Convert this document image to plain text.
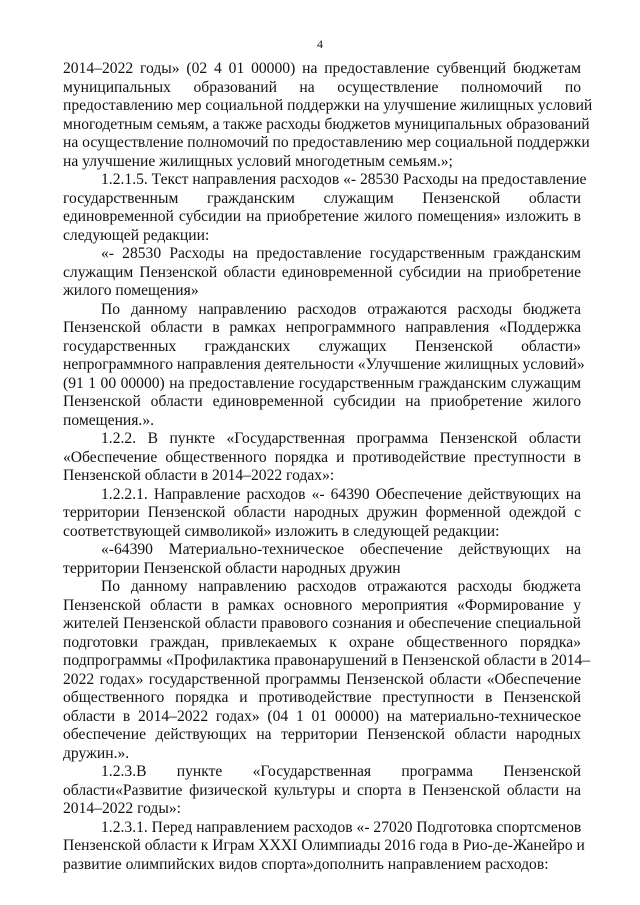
4
2014–2022 годы» (02 4 01 00000) на предоставление субвенций бюджетам
муниципальных образований на осуществление полномочий по
предоставлению мер социальной поддержки на улучшение жилищных условий
многодетным семьям, а также расходы бюджетов муниципальных образований
на осуществление полномочий по предоставлению мер социальной поддержки
на улучшение жилищных условий многодетным семьям.»;
1.2.1.5. Текст направления расходов «- 28530 Расходы на предоставление
государственным гражданским служащим Пензенской области
единовременной субсидии на приобретение жилого помещения» изложить в
следующей редакции:
«- 28530 Расходы на предоставление государственным гражданским
служащим Пензенской области единовременной субсидии на приобретение
жилого помещения»
По данному направлению расходов отражаются расходы бюджета
Пензенской области в рамках непрограммного направления «Поддержка
государственных гражданских служащих Пензенской области»
непрограммного направления деятельности «Улучшение жилищных условий»
(91 1 00 00000) на предоставление государственным гражданским служащим
Пензенской области единовременной субсидии на приобретение жилого
помещения.».
1.2.2. В пункте «Государственная программа Пензенской области
«Обеспечение общественного порядка и противодействие преступности в
Пензенской области в 2014–2022 годах»:
1.2.2.1. Направление расходов «- 64390 Обеспечение действующих на
территории Пензенской области народных дружин форменной одеждой с
соответствующей символикой» изложить в следующей редакции:
«-64390 Материально-техническое обеспечение действующих на
территории Пензенской области народных дружин
По данному направлению расходов отражаются расходы бюджета
Пензенской области в рамках основного мероприятия «Формирование у
жителей Пензенской области правового сознания и обеспечение специальной
подготовки граждан, привлекаемых к охране общественного порядка»
подпрограммы «Профилактика правонарушений в Пензенской области в 2014–
2022 годах» государственной программы Пензенской области «Обеспечение
общественного порядка и противодействие преступности в Пензенской
области в 2014–2022 годах» (04 1 01 00000) на материально-техническое
обеспечение действующих на территории Пензенской области народных
дружин.».
1.2.3.В пункте «Государственная программа Пензенской
области«Развитие физической культуры и спорта в Пензенской области на
2014–2022 годы»:
1.2.3.1. Перед направлением расходов «- 27020 Подготовка спортсменов
Пензенской области к Играм XXXI Олимпиады 2016 года в Рио-де-Жанейро и
развитие олимпийских видов спорта»дополнить направлением расходов:
